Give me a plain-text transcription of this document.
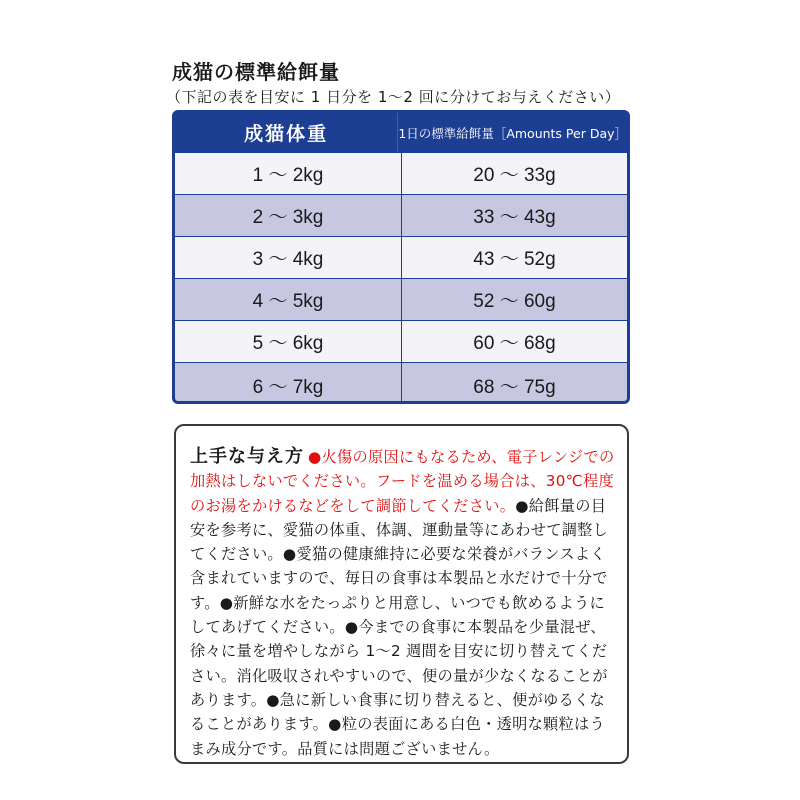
成猫の標準給餌量
（下記の表を目安に 1 日分を 1〜2 回に分けてお与えください）
成猫体重	1日の標準給餌量［Amounts Per Day］
1 ～ 2kg	20 ～ 33g
2 ～ 3kg	33 ～ 43g
3 ～ 4kg	43 ～ 52g
4 ～ 5kg	52 ～ 60g
5 ～ 6kg	60 ～ 68g
6 ～ 7kg	68 ～ 75g
上手な与え方 ●火傷の原因にもなるため、電子レンジでの加熱はしないでください。フードを温める場合は、30℃程度のお湯をかけるなどをして調節してください。●給餌量の目安を参考に、愛猫の体重、体調、運動量等にあわせて調整してください。●愛猫の健康維持に必要な栄養がバランスよく含まれていますので、毎日の食事は本製品と水だけで十分です。●新鮮な水をたっぷりと用意し、いつでも飲めるようにしてあげてください。●今までの食事に本製品を少量混ぜ、徐々に量を増やしながら 1〜2 週間を目安に切り替えてください。消化吸収されやすいので、便の量が少なくなることがあります。●急に新しい食事に切り替えると、便がゆるくなることがあります。●粒の表面にある白色・透明な顆粒はうまみ成分です。品質には問題ございません。
